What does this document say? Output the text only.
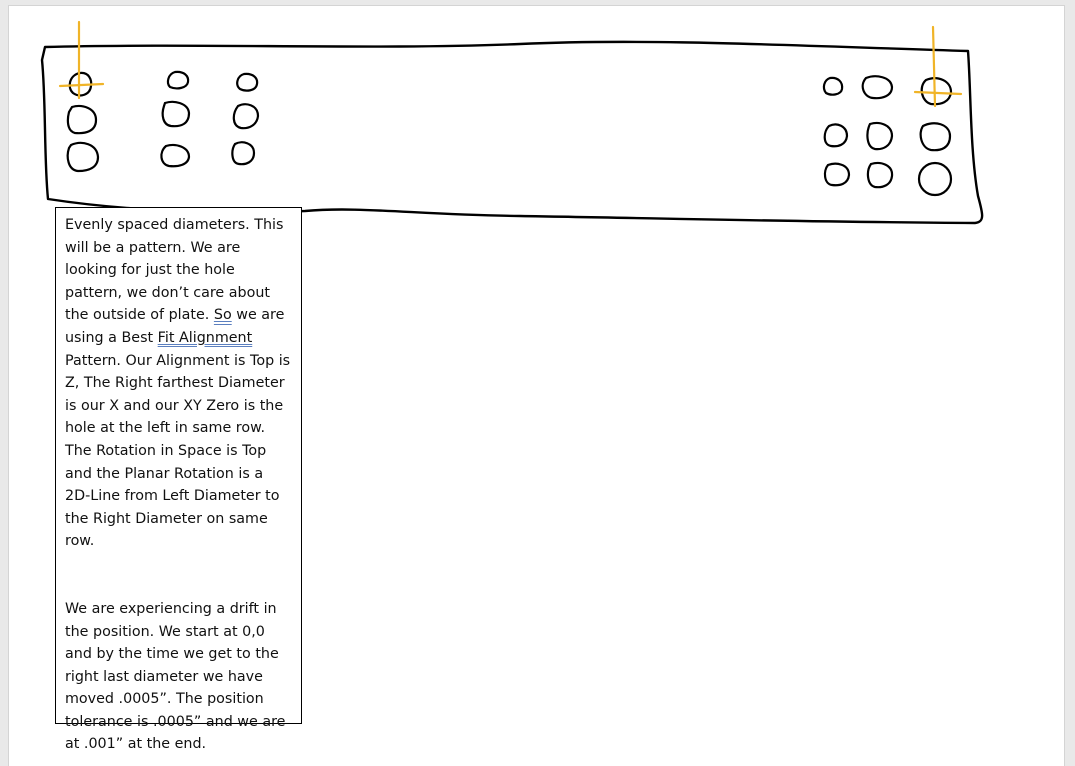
Evenly spaced diameters. This will be a pattern. We are looking for just the hole pattern, we don’t care about the outside of plate. So we are using a Best Fit Alignment Pattern. Our Alignment is Top is Z, The Right farthest Diameter is our X and our XY Zero is the hole at the left in same row. The Rotation in Space is Top and the Planar Rotation is a 2D-Line from Left Diameter to the Right Diameter on same row.

We are experiencing a drift in the position. We start at 0,0 and by the time we get to the right last diameter we have moved .0005”. The position tolerance is .0005” and we are at .001” at the end.
